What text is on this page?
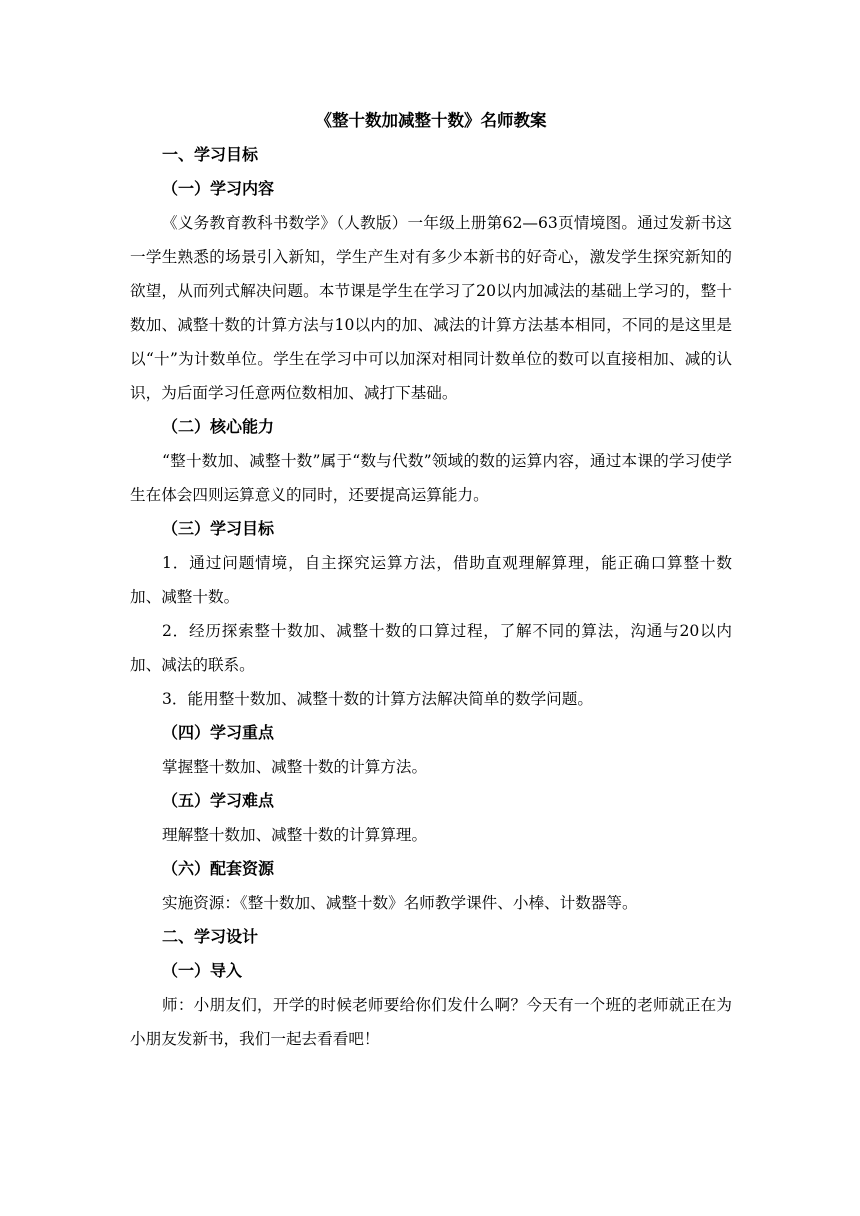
《整十数加减整十数》名师教案

一、学习目标

（一）学习内容

《义务教育教科书数学》（人教版）一年级上册第62—63页情境图。通过发新书这一学生熟悉的场景引入新知，学生产生对有多少本新书的好奇心，激发学生探究新知的欲望，从而列式解决问题。本节课是学生在学习了20以内加减法的基础上学习的，整十数加、减整十数的计算方法与10以内的加、减法的计算方法基本相同，不同的是这里是以“十”为计数单位。学生在学习中可以加深对相同计数单位的数可以直接相加、减的认识，为后面学习任意两位数相加、减打下基础。

（二）核心能力

“整十数加、减整十数”属于“数与代数”领域的数的运算内容，通过本课的学习使学生在体会四则运算意义的同时，还要提高运算能力。

（三）学习目标

1．通过问题情境，自主探究运算方法，借助直观理解算理，能正确口算整十数加、减整十数。

2．经历探索整十数加、减整十数的口算过程，了解不同的算法，沟通与20以内加、减法的联系。

3．能用整十数加、减整十数的计算方法解决简单的数学问题。

（四）学习重点

掌握整十数加、减整十数的计算方法。

（五）学习难点

理解整十数加、减整十数的计算算理。

（六）配套资源

实施资源：《整十数加、减整十数》名师教学课件、小棒、计数器等。

二、学习设计

（一）导入

师：小朋友们，开学的时候老师要给你们发什么啊？今天有一个班的老师就正在为小朋友发新书，我们一起去看看吧！
